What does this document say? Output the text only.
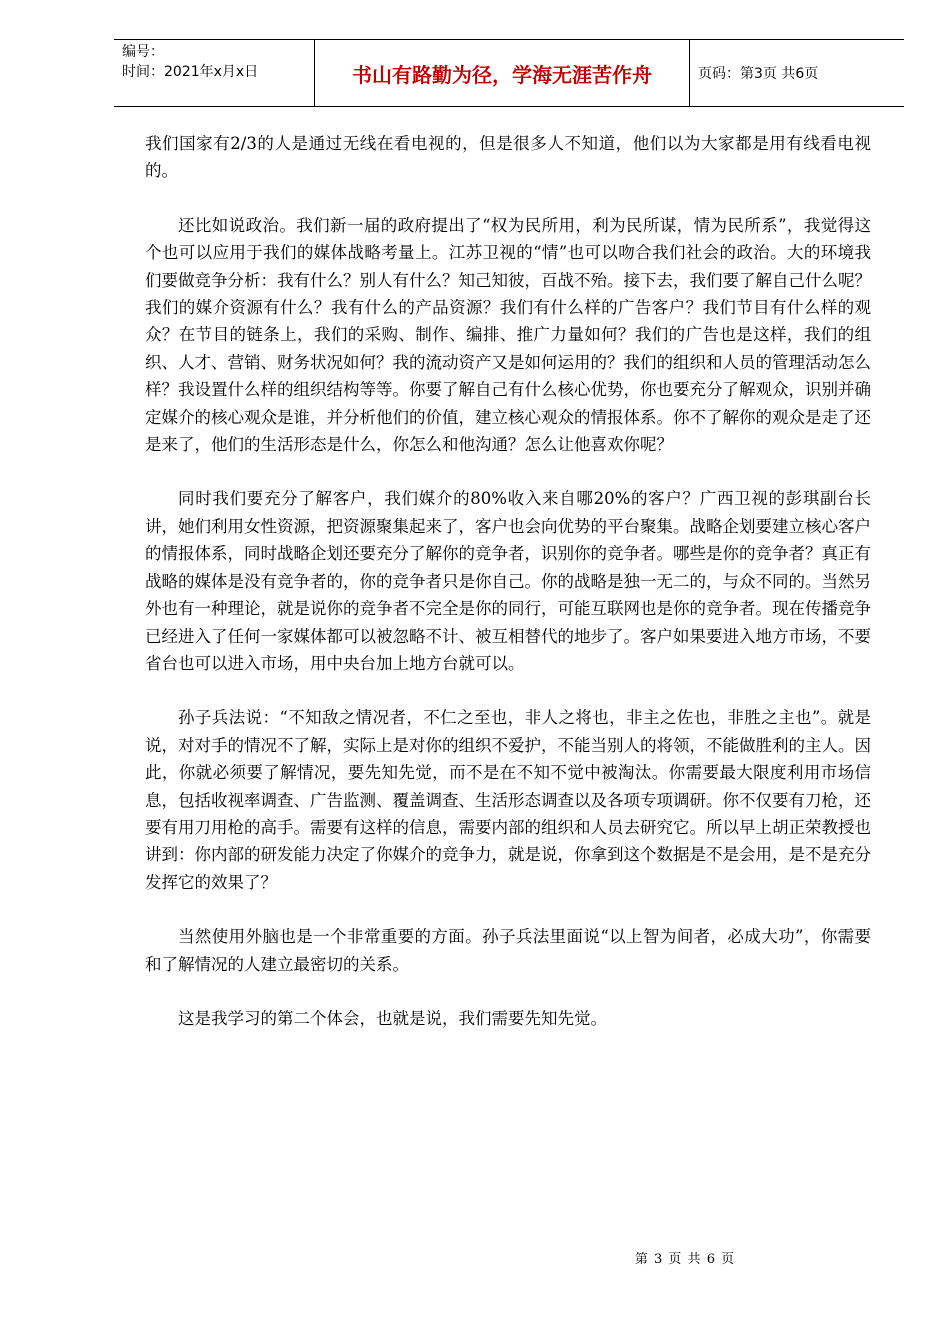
编号：
时间：2021年x月x日	书山有路勤为径，学海无涯苦作舟	页码：第3页 共6页

我们国家有2/3的人是通过无线在看电视的，但是很多人不知道，他们以为大家都是用有线看电视的。

还比如说政治。我们新一届的政府提出了“权为民所用，利为民所谋，情为民所系”，我觉得这个也可以应用于我们的媒体战略考量上。江苏卫视的“情”也可以吻合我们社会的政治。大的环境我们要做竞争分析：我有什么？别人有什么？知己知彼，百战不殆。接下去，我们要了解自己什么呢？我们的媒介资源有什么？我有什么的产品资源？我们有什么样的广告客户？我们节目有什么样的观众？在节目的链条上，我们的采购、制作、编排、推广力量如何？我们的广告也是这样，我们的组织、人才、营销、财务状况如何？我的流动资产又是如何运用的？我们的组织和人员的管理活动怎么样？我设置什么样的组织结构等等。你要了解自己有什么核心优势，你也要充分了解观众，识别并确定媒介的核心观众是谁，并分析他们的价值，建立核心观众的情报体系。你不了解你的观众是走了还是来了，他们的生活形态是什么，你怎么和他沟通？怎么让他喜欢你呢？

同时我们要充分了解客户，我们媒介的80%收入来自哪20%的客户？广西卫视的彭琪副台长讲，她们利用女性资源，把资源聚集起来了，客户也会向优势的平台聚集。战略企划要建立核心客户的情报体系，同时战略企划还要充分了解你的竞争者，识别你的竞争者。哪些是你的竞争者？真正有战略的媒体是没有竞争者的，你的竞争者只是你自己。你的战略是独一无二的，与众不同的。当然另外也有一种理论，就是说你的竞争者不完全是你的同行，可能互联网也是你的竞争者。现在传播竞争已经进入了任何一家媒体都可以被忽略不计、被互相替代的地步了。客户如果要进入地方市场，不要省台也可以进入市场，用中央台加上地方台就可以。

孙子兵法说：“不知敌之情况者，不仁之至也，非人之将也，非主之佐也，非胜之主也”。就是说，对对手的情况不了解，实际上是对你的组织不爱护，不能当别人的将领，不能做胜利的主人。因此，你就必须要了解情况，要先知先觉，而不是在不知不觉中被淘汰。你需要最大限度利用市场信息，包括收视率调查、广告监测、覆盖调查、生活形态调查以及各项专项调研。你不仅要有刀枪，还要有用刀用枪的高手。需要有这样的信息，需要内部的组织和人员去研究它。所以早上胡正荣教授也讲到：你内部的研发能力决定了你媒介的竞争力，就是说，你拿到这个数据是不是会用，是不是充分发挥它的效果了？

当然使用外脑也是一个非常重要的方面。孙子兵法里面说“以上智为间者，必成大功”，你需要和了解情况的人建立最密切的关系。

这是我学习的第二个体会，也就是说，我们需要先知先觉。

第 3 页 共 6 页
